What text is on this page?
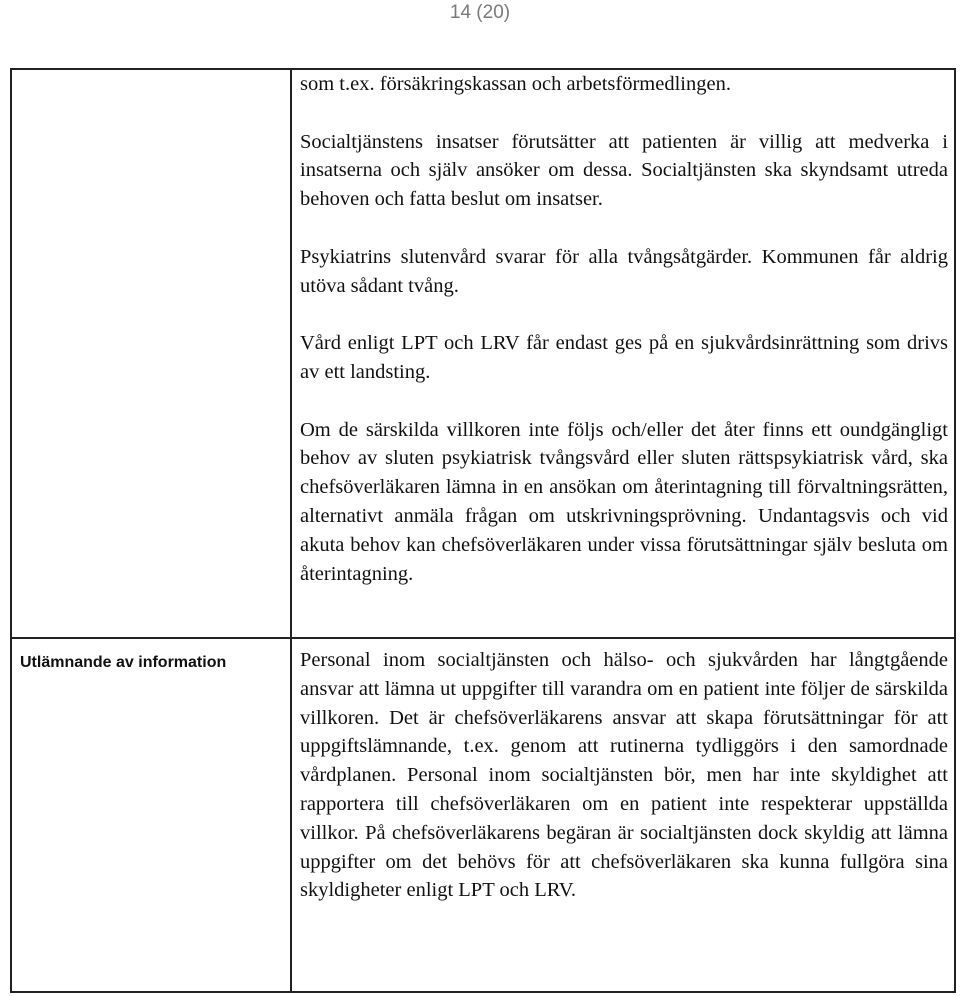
14 (20)

som t.ex. försäkringskassan och arbetsförmedlingen.

Socialtjänstens insatser förutsätter att patienten är villig att medverka i insatserna och själv ansöker om dessa. Socialtjänsten ska skyndsamt utreda behoven och fatta beslut om insatser.

Psykiatrins slutenvård svarar för alla tvångsåtgärder. Kommunen får aldrig utöva sådant tvång.

Vård enligt LPT och LRV får endast ges på en sjukvårdsinrättning som drivs av ett landsting.

Om de särskilda villkoren inte följs och/eller det åter finns ett oundgängligt behov av sluten psykiatrisk tvångsvård eller sluten rättspsykiatrisk vård, ska chefsöverläkaren lämna in en ansökan om återintagning till förvaltningsrätten, alternativt anmäla frågan om utskrivningsprövning. Undantagsvis och vid akuta behov kan chefsöverläkaren under vissa förutsättningar själv besluta om återintagning.

Utlämnande av information	Personal inom socialtjänsten och hälso- och sjukvården har långtgående ansvar att lämna ut uppgifter till varandra om en patient inte följer de särskilda villkoren. Det är chefsöverläkarens ansvar att skapa förutsättningar för att uppgiftslämnande, t.ex. genom att rutinerna tydliggörs i den samordnade vårdplanen. Personal inom socialtjänsten bör, men har inte skyldighet att rapportera till chefsöverläkaren om en patient inte respekterar uppställda villkor. På chefsöverläkarens begäran är socialtjänsten dock skyldig att lämna uppgifter om det behövs för att chefsöverläkaren ska kunna fullgöra sina skyldigheter enligt LPT och LRV.
